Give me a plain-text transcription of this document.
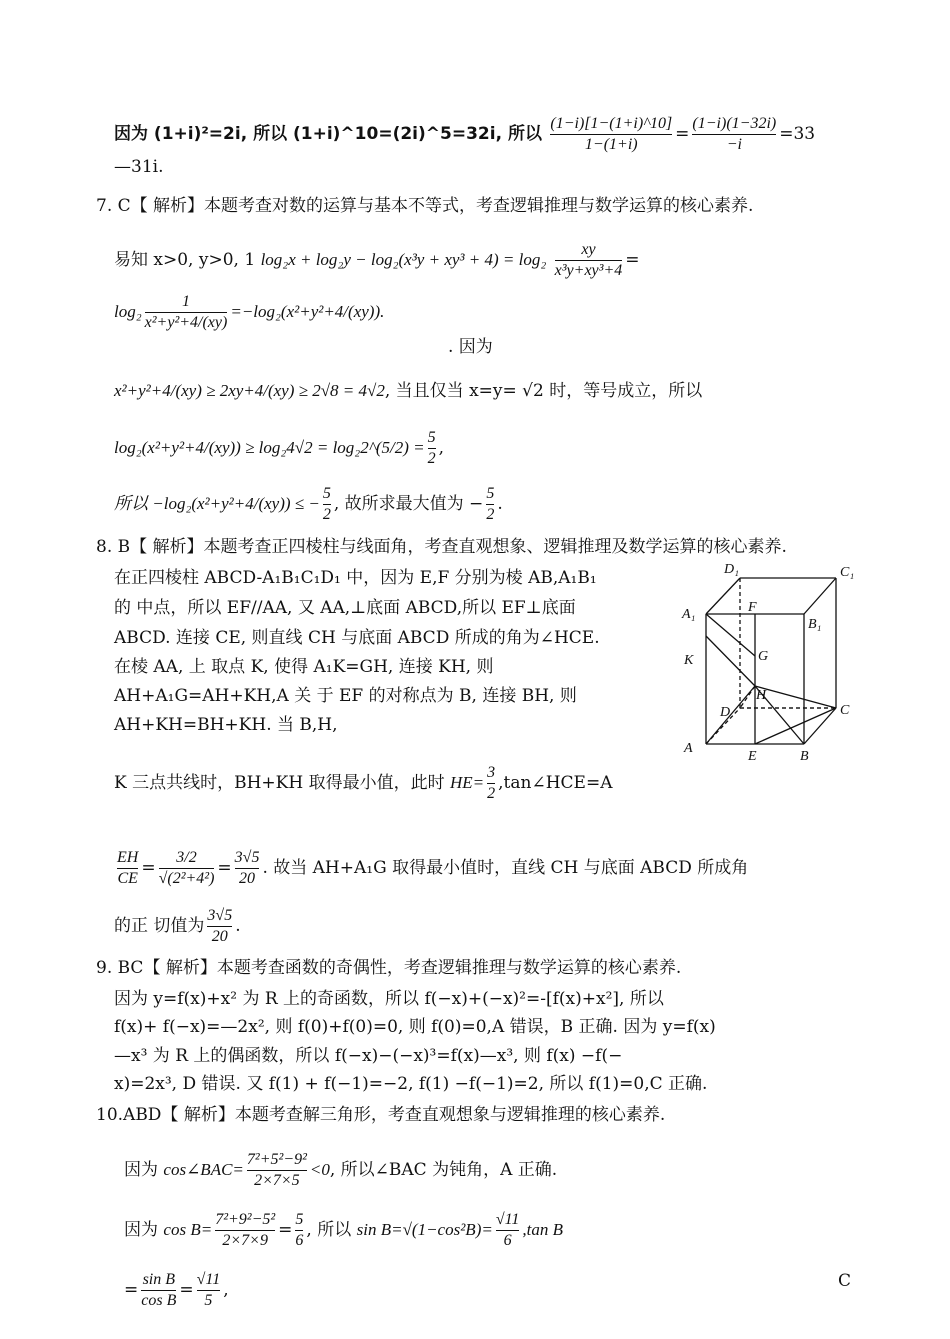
因为 (1+i)²=2i, 所以 (1+i)^10=(2i)^5=32i, 所以 $\frac{(1-i)[1-(1+i)\^{}10]}{1-(1+i)} = \frac{(1-i)(1-32i)}{-i} =33$
—31i.
7. C【 解析】本题考查对数的运算与基本不等式，考查逻辑推理与数学运算的核心素养.
易知 x>0, y>0, 1 $\log_2x + \log_2y - \log_2(x^3y + xy^3 + 4) = \log_2 \frac{xy}{\text{x³y+xy³+4}}$ =
$\log_2 \frac{1}{\text{x²+y²+4/(xy)}} =-\log_2(x^2+y^2+4/(xy))$.
. 因为
x²+y²+4/(xy) ≥ 2xy+4/(xy) ≥ 2√8 = 4√2, 当且仅当 x=y= √2 时，等号成立，所以
log₂(x²+y²+4/(xy)) ≥ log₂4√2 = log₂2^(5/2) = $\frac{5}{2}$ ,
所以 −log₂(x²+y²+4/(xy)) ≤ − $\frac{5}{2}$ , 故所求最大值为 − $\frac{5}{2}$ .
8. B【 解析】本题考查正四棱柱与线面角，考查直观想象、逻辑推理及数学运算的核心素养.
在正四棱柱 ABCD-A₁B₁C₁D₁ 中，因为 E,F 分别为棱 AB,A₁B₁
的 中点，所以 EF//AA, 又 AA,⊥底面 ABCD,所以 EF⊥底面
ABCD. 连接 CE, 则直线 CH 与底面 ABCD 所成的角为∠HCE.
在棱 AA, 上 取点 K, 使得 A₁K=GH, 连接 KH, 则
AH+A₁G=AH+KH,A 关 于 EF 的对称点为 B, 连接 BH, 则
AH+KH=BH+KH. 当 B,H,
K 三点共线时，BH+KH 取得最小值，此时 $HE= \frac{3}{2}$ ,tan∠HCE=A
$\frac{EH}{CE} = \frac{3/2}{\text{√(2²+4²)}} = \frac{3√5}{20}$ . 故当 AH+A₁G 取得最小值时，直线 CH 与底面 ABCD 所成角
的正 切值为 $\frac{3√5}{20}$ .
D₁	C₁
A₁	F
B₁
G
K
H
D	C
A
E	B
9. BC【 解析】本题考查函数的奇偶性，考查逻辑推理与数学运算的核心素养.
因为 y=f(x)+x² 为 R 上的奇函数，所以 f(−x)+(−x)²=-[f(x)+x²], 所以
f(x)+ f(−x)=—2x², 则 f(0)+f(0)=0, 则 f(0)=0,A 错误，B 正确. 因为 y=f(x)
—x³ 为 R 上的偶函数，所以 f(−x)−(−x)³=f(x)—x³, 则 f(x) −f(−
x)=2x³, D 错误. 又 f(1) + f(−1)=−2, f(1) −f(−1)=2, 所以 f(1)=0,C 正确.
10.ABD【 解析】本题考查解三角形，考查直观想象与逻辑推理的核心素养.
因为 cos∠BAC= $\frac{\text{7²+5²−9²}}{2\times 7\times 5} <0$, 所以∠BAC 为钝角，A 正确.
因为 $\cos B= \frac{\text{7²+9²−5²}}{2\times 7\times 9} = \frac{5}{6}$ , 所以 $\sin B=√(1-\cos^2B)= \frac{√11}{6} ,\tan$ B
= $\frac{\text{sin B}}{\text{cos B}} = \frac{√11}{5}$ ,	C
